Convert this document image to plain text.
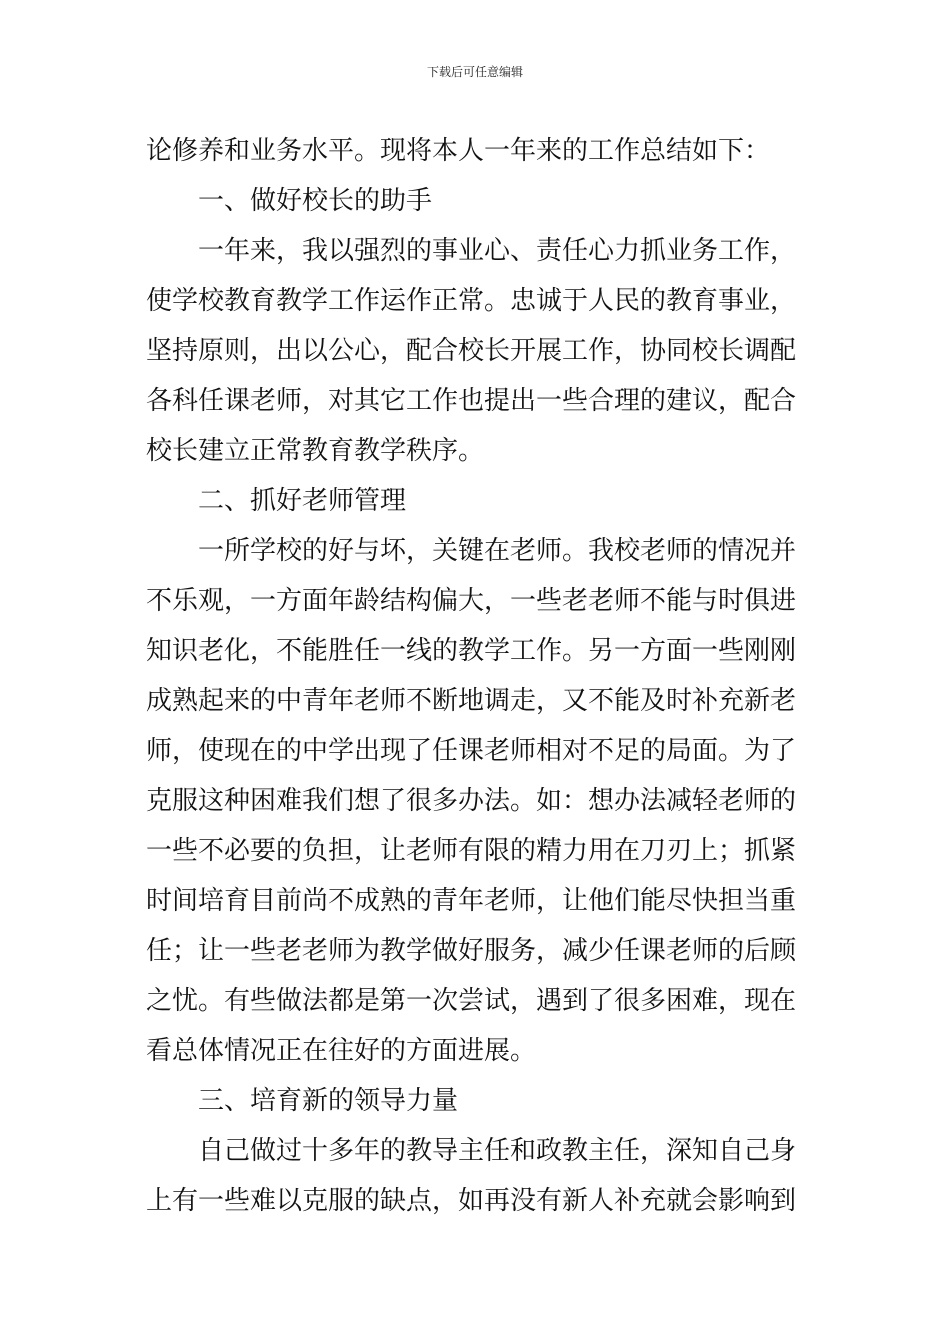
下载后可任意编辑
论修养和业务水平。现将本人一年来的工作总结如下：
一、做好校长的助手
一年来，我以强烈的事业心、责任心力抓业务工作，
使学校教育教学工作运作正常。忠诚于人民的教育事业，
坚持原则，出以公心，配合校长开展工作，协同校长调配
各科任课老师，对其它工作也提出一些合理的建议，配合
校长建立正常教育教学秩序。
二、抓好老师管理
一所学校的好与坏，关键在老师。我校老师的情况并
不乐观，一方面年龄结构偏大，一些老老师不能与时俱进
知识老化，不能胜任一线的教学工作。另一方面一些刚刚
成熟起来的中青年老师不断地调走，又不能及时补充新老
师，使现在的中学出现了任课老师相对不足的局面。为了
克服这种困难我们想了很多办法。如：想办法减轻老师的
一些不必要的负担，让老师有限的精力用在刀刃上；抓紧
时间培育目前尚不成熟的青年老师，让他们能尽快担当重
任；让一些老老师为教学做好服务，减少任课老师的后顾
之忧。有些做法都是第一次尝试，遇到了很多困难，现在
看总体情况正在往好的方面进展。
三、培育新的领导力量
自己做过十多年的教导主任和政教主任，深知自己身
上有一些难以克服的缺点，如再没有新人补充就会影响到
